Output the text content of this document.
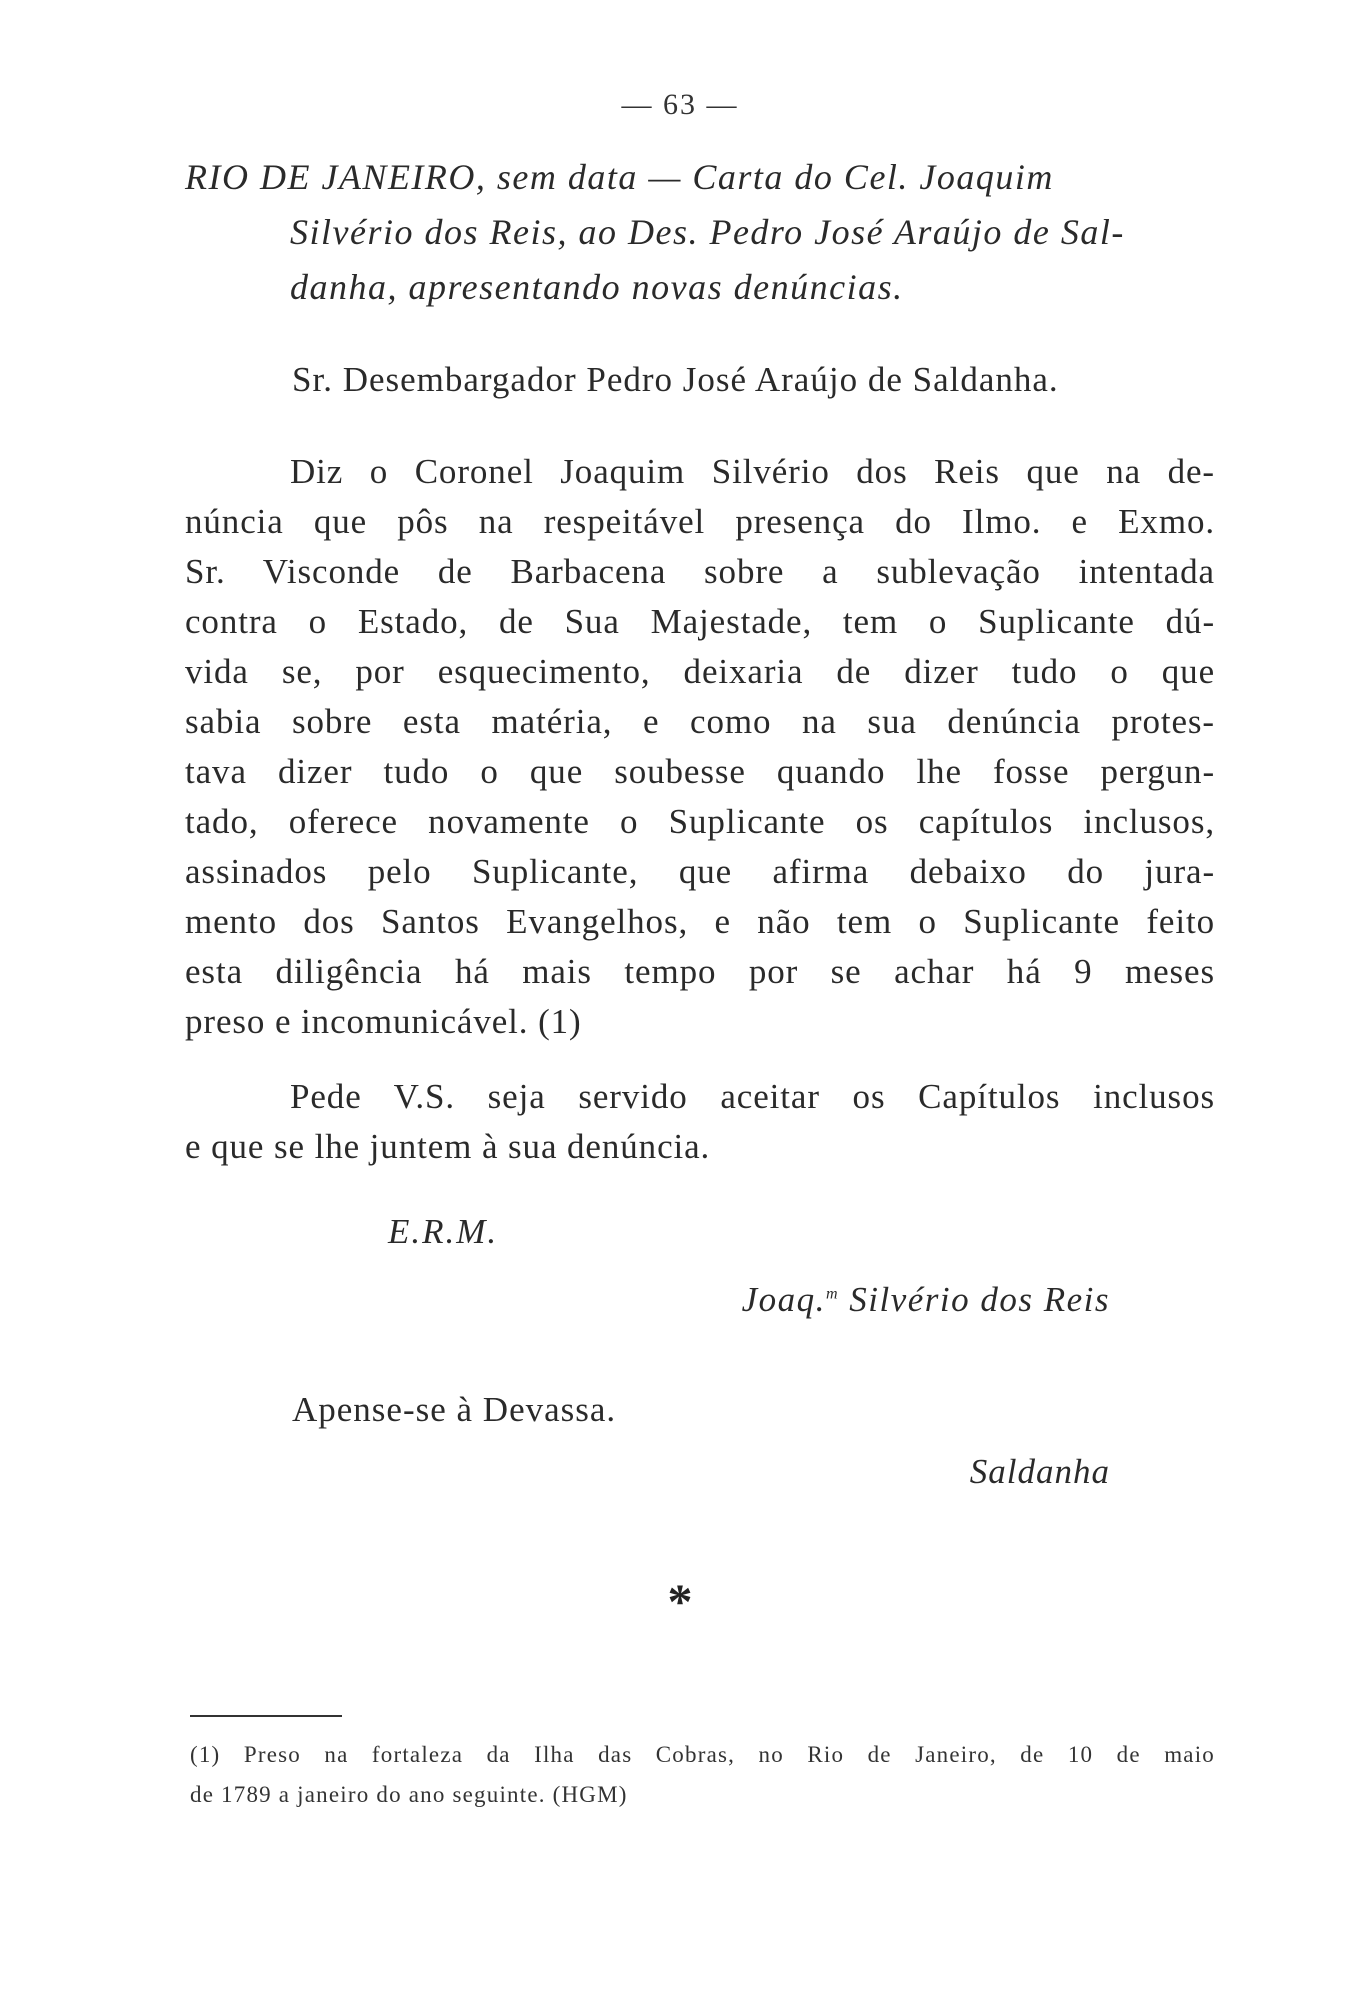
— 63 —
RIO DE JANEIRO, sem data — Carta do Cel. Joaquim
Silvério dos Reis, ao Des. Pedro José Araújo de Sal-
danha, apresentando novas denúncias.

Sr. Desembargador Pedro José Araújo de Saldanha.

Diz o Coronel Joaquim Silvério dos Reis que na de-
núncia que pôs na respeitável presença do Ilmo. e Exmo.
Sr. Visconde de Barbacena sobre a sublevação intentada
contra o Estado, de Sua Majestade, tem o Suplicante dú-
vida se, por esquecimento, deixaria de dizer tudo o que
sabia sobre esta matéria, e como na sua denúncia protes-
tava dizer tudo o que soubesse quando lhe fosse pergun-
tado, oferece novamente o Suplicante os capítulos inclusos,
assinados pelo Suplicante, que afirma debaixo do jura-
mento dos Santos Evangelhos, e não tem o Suplicante feito
esta diligência há mais tempo por se achar há 9 meses
preso e incomunicável. (1)

Pede V.S. seja servido aceitar os Capítulos inclusos
e que se lhe juntem à sua denúncia.

E.R.M.
Joaq.$^m$ Silvério dos Reis
Apense-se à Devassa.
Saldanha
*
(1) Preso na fortaleza da Ilha das Cobras, no Rio de Janeiro, de 10 de maio
de 1789 a janeiro do ano seguinte. (HGM)
